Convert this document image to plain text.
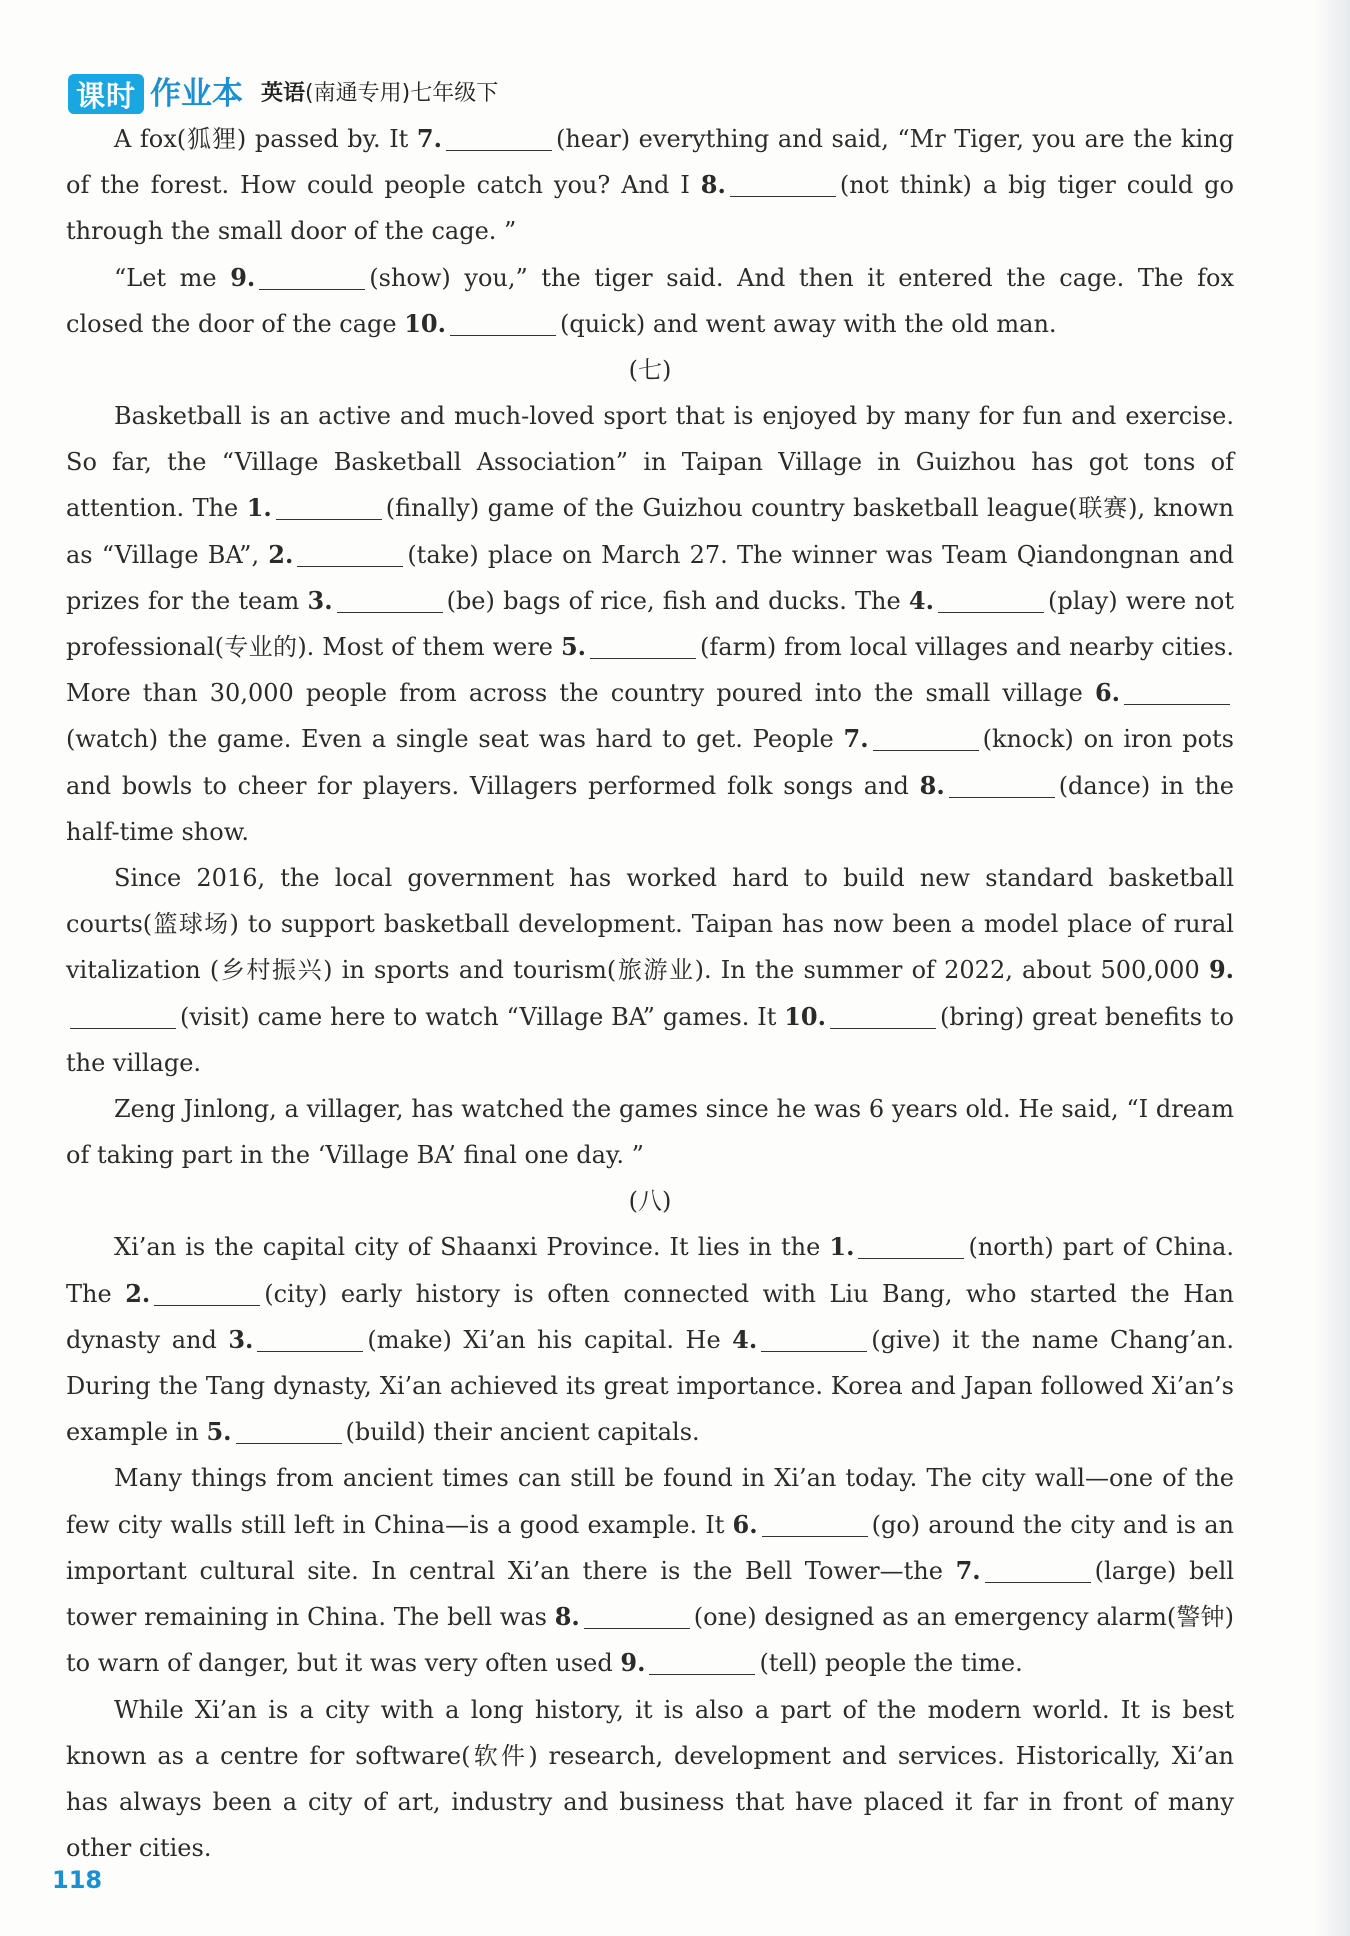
课时 作业本 英语(南通专用)七年级下

A fox(狐狸) passed by. It 7.	(hear) everything and said, “Mr Tiger, you are the king of the forest. How could people catch you? And I 8.	(not think) a big tiger could go through the small door of the cage. ”

“Let me 9.	(show) you,” the tiger said. And then it entered the cage. The fox closed the door of the cage 10.	(quick) and went away with the old man.

(七)

Basketball is an active and much-loved sport that is enjoyed by many for fun and exercise. So far, the “Village Basketball Association” in Taipan Village in Guizhou has got tons of attention. The 1.	(finally) game of the Guizhou country basketball league(联赛), known as “Village BA”, 2.	(take) place on March 27. The winner was Team Qiandongnan and prizes for the team 3.	(be) bags of rice, fish and ducks. The 4.	(play) were not professional(专业的). Most of them were 5.	(farm) from local villages and nearby cities. More than 30,000 people from across the country poured into the small village 6.(watch) the game. Even a single seat was hard to get. People 7.	(knock) on iron pots and bowls to cheer for players. Villagers performed folk songs and 8.	(dance) in the half-time show.

Since 2016, the local government has worked hard to build new standard basketball courts(篮球场) to support basketball development. Taipan has now been a model place of rural vitalization (乡村振兴) in sports and tourism(旅游业). In the summer of 2022, about 500,000 9.(visit) came here to watch “Village BA” games. It 10.	(bring) great benefits to the village.

Zeng Jinlong, a villager, has watched the games since he was 6 years old. He said, “I dream of taking part in the ‘Village BA’ final one day. ”

(八)

Xi’an is the capital city of Shaanxi Province. It lies in the 1.	(north) part of China. The 2.	(city) early history is often connected with Liu Bang, who started the Han dynasty and 3.	(make) Xi’an his capital. He 4.	(give) it the name Chang’an. During the Tang dynasty, Xi’an achieved its great importance. Korea and Japan followed Xi’an’s example in 5.	(build) their ancient capitals.

Many things from ancient times can still be found in Xi’an today. The city wall—one of the few city walls still left in China—is a good example. It 6.	(go) around the city and is an important cultural site. In central Xi’an there is the Bell Tower—the 7.	(large) bell tower remaining in China. The bell was 8.	(one) designed as an emergency alarm(警钟) to warn of danger, but it was very often used 9.	(tell) people the time.

While Xi’an is a city with a long history, it is also a part of the modern world. It is best known as a centre for software(软件) research, development and services. Historically, Xi’an has always been a city of art, industry and business that have placed it far in front of many other cities.

118
